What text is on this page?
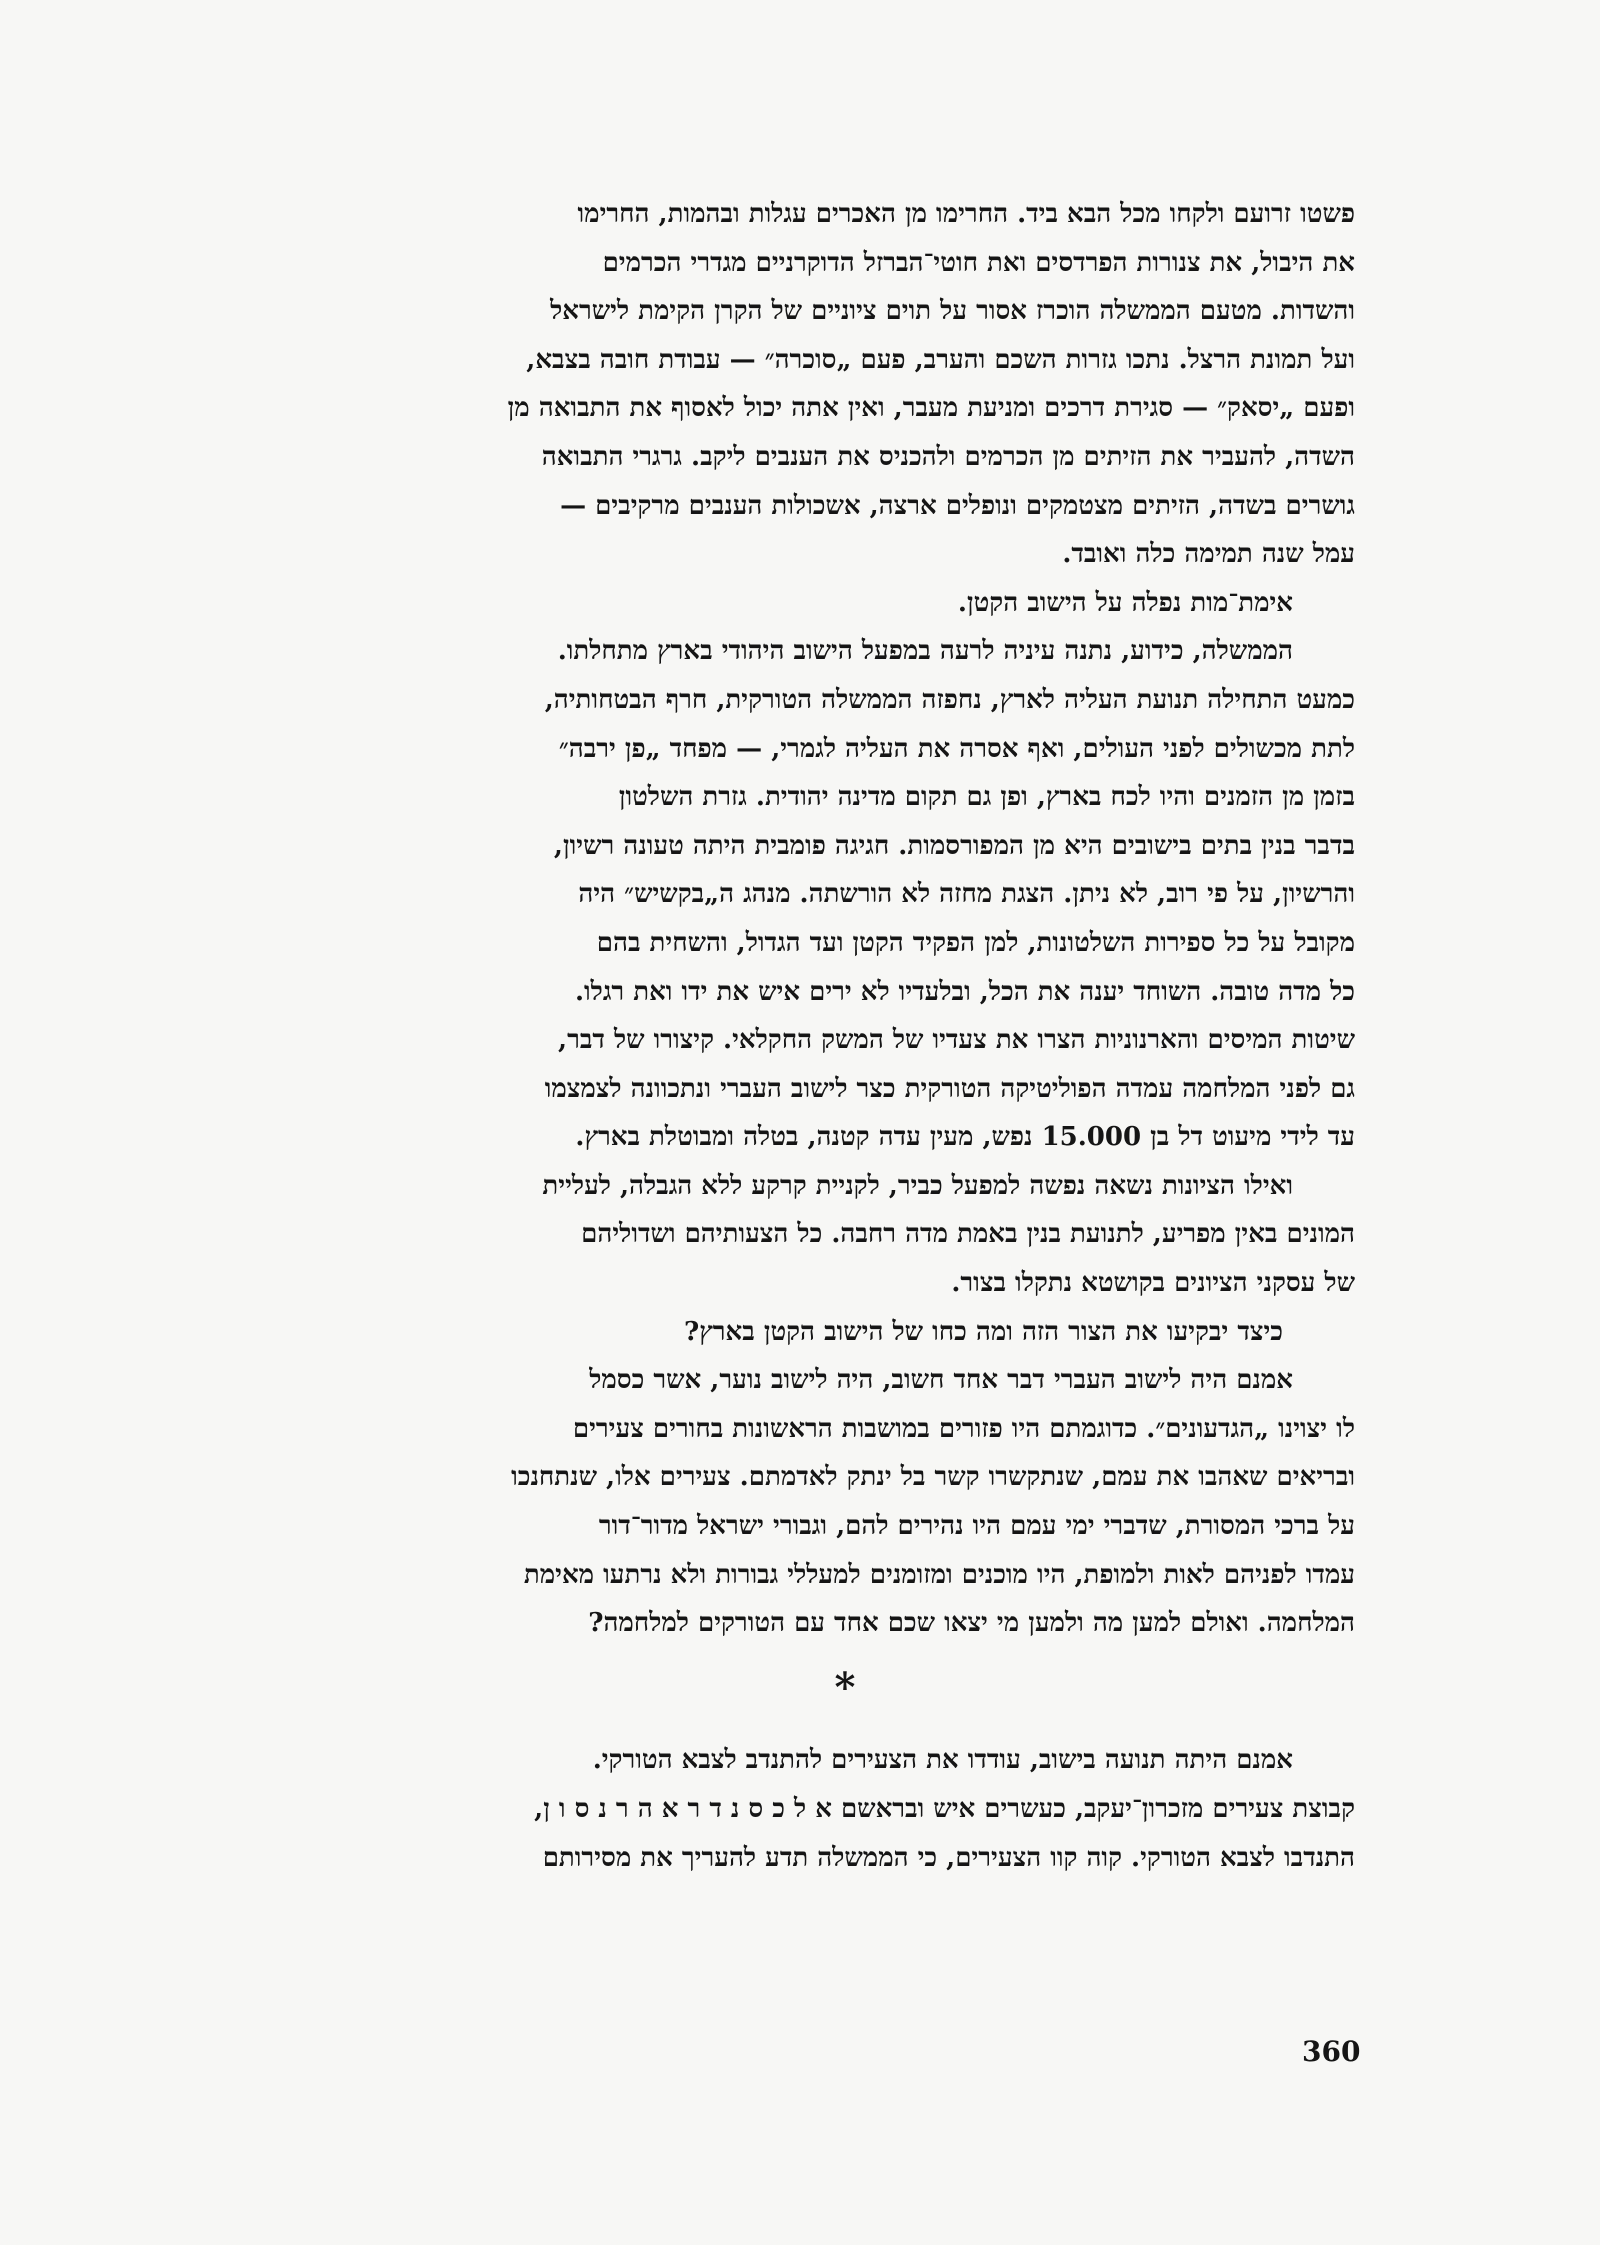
פשטו זרועם ולקחו מכל הבא ביד. החרימו מן האכרים עגלות ובהמות, החרימו
את היבול, את צנורות הפרדסים ואת חוטי־הברזל הדוקרניים מגדרי הכרמים
והשדות. מטעם הממשלה הוכרז אסור על תוים ציוניים של הקרן הקימת לישראל
ועל תמונת הרצל. נתכו גזרות השכם והערב, פעם „סוכרה״ — עבודת חובה בצבא,
ופעם „יסאק״ — סגירת דרכים ומניעת מעבר, ואין אתה יכול לאסוף את התבואה מן
השדה, להעביר את הזיתים מן הכרמים ולהכניס את הענבים ליקב. גרגרי התבואה
גושרים בשדה, הזיתים מצטמקים ונופלים ארצה, אשכולות הענבים מרקיבים —
עמל שנה תמימה כלה ואובד.
אימת־מות נפלה על הישוב הקטן.
הממשלה, כידוע, נתנה עיניה לרעה במפעל הישוב היהודי בארץ מתחלתו.
כמעט התחילה תנועת העליה לארץ, נחפזה הממשלה הטורקית, חרף הבטחותיה,
לתת מכשולים לפני העולים, ואף אסרה את העליה לגמרי, — מפחד „פן ירבה״
בזמן מן הזמנים והיו לכח בארץ, ופן גם תקום מדינה יהודית. גזרת השלטון
בדבר בנין בתים בישובים היא מן המפורסמות. חגיגה פומבית היתה טעונה רשיון,
והרשיון, על פי רוב, לא ניתן. הצגת מחזה לא הורשתה. מנהג ה„בקשיש״ היה
מקובל על כל ספירות השלטונות, למן הפקיד הקטן ועד הגדול, והשחית בהם
כל מדה טובה. השוחד יענה את הכל, ובלעדיו לא ירים איש את ידו ואת רגלו.
שיטות המיסים והארנוניות הצרו את צעדיו של המשק החקלאי. קיצורו של דבר,
גם לפני המלחמה עמדה הפוליטיקה הטורקית כצר לישוב העברי ונתכוונה לצמצמו
עד לידי מיעוט דל בן 15.000 נפש, מעין עדה קטנה, בטלה ומבוטלת בארץ.
ואילו הציונות נשאה נפשה למפעל כביר, לקניית קרקע ללא הגבלה, לעליית
המונים באין מפריע, לתנועת בנין באמת מדה רחבה. כל הצעותיהם ושדוליהם
של עסקני הציונים בקושטא נתקלו בצור.
כיצד יבקיעו את הצור הזה ומה כחו של הישוב הקטן בארץ?
אמנם היה לישוב העברי דבר אחד חשוב, היה לישוב נוער, אשר כסמל
לו יצוינו „הגדעונים״. כדוגמתם היו פזורים במושבות הראשונות בחורים צעירים
ובריאים שאהבו את עמם, שנתקשרו קשר בל ינתק לאדמתם. צעירים אלו, שנתחנכו
על ברכי המסורת, שדברי ימי עמם היו נהירים להם, וגבורי ישראל מדור־דור
עמדו לפניהם לאות ולמופת, היו מוכנים ומזומנים למעללי גבורות ולא נרתעו מאימת
המלחמה. ואולם למען מה ולמען מי יצאו שכם אחד עם הטורקים למלחמה?
*
אמנם היתה תנועה בישוב, עודדו את הצעירים להתנדב לצבא הטורקי.
קבוצת צעירים מזכרון־יעקב, כעשרים איש ובראשם א ל כ ס נ ד ר א ה ר נ ס ו ן,
התנדבו לצבא הטורקי. קוה קוו הצעירים, כי הממשלה תדע להעריך את מסירותם
360
